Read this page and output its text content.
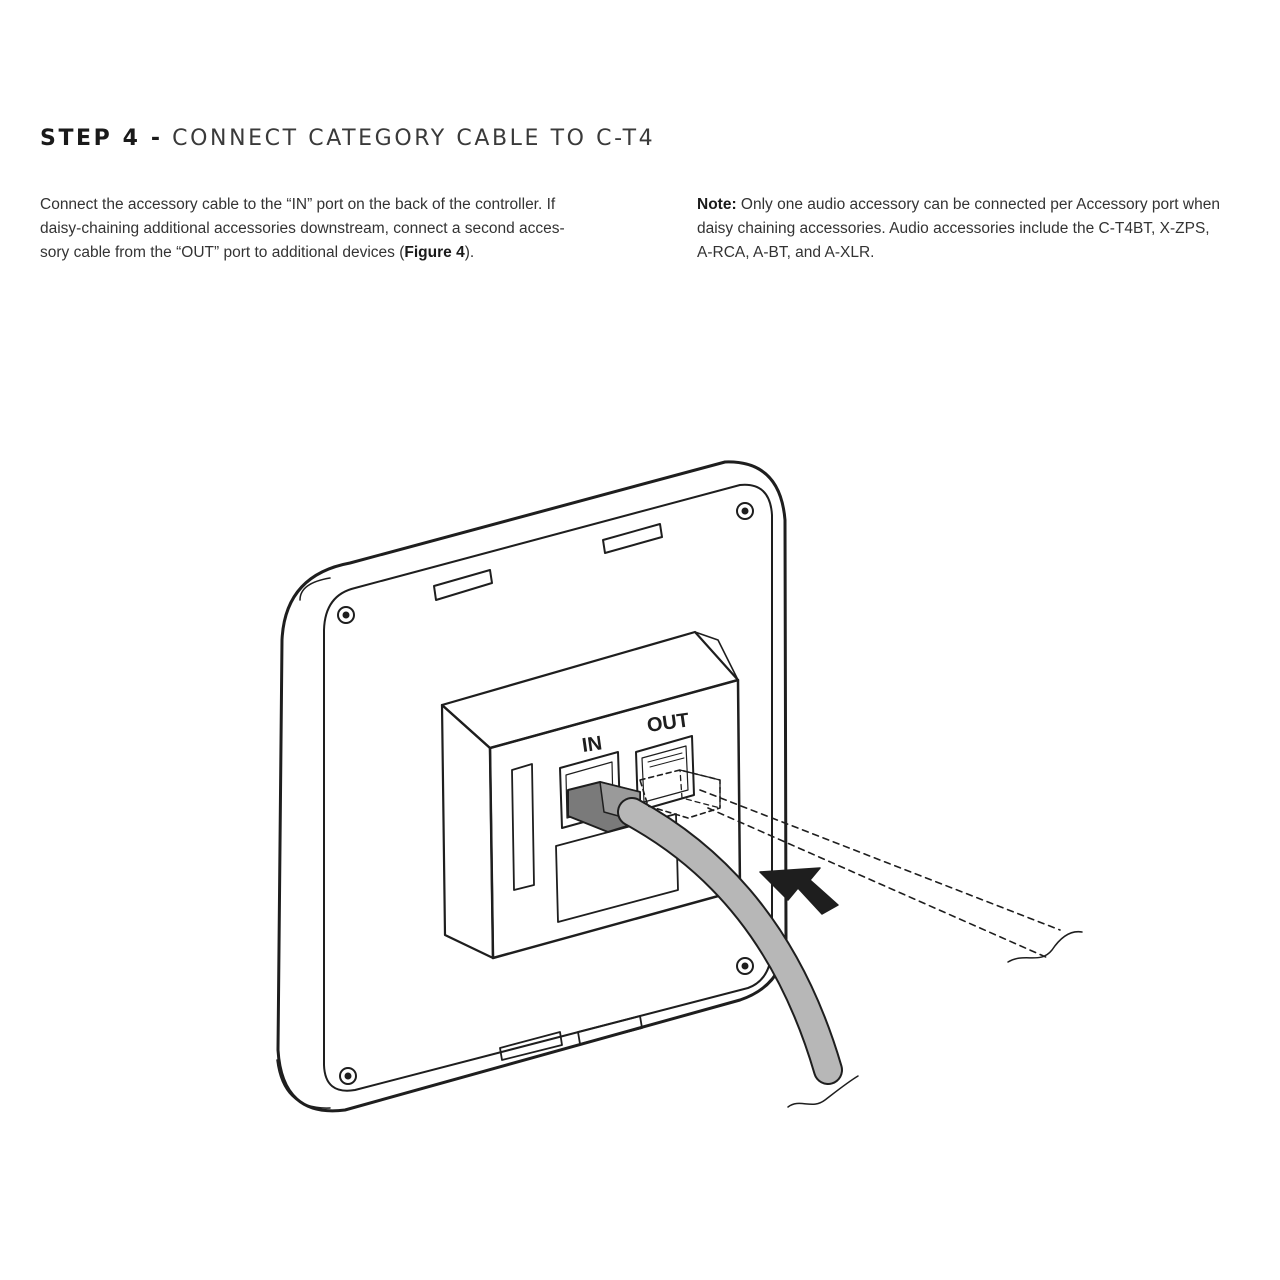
STEP 4 - CONNECT CATEGORY CABLE TO C-T4

Connect the accessory cable to the “IN” port on the back of the controller. If
daisy-chaining additional accessories downstream, connect a second acces-
sory cable from the “OUT” port to additional devices (Figure 4).

Note: Only one audio accessory can be connected per Accessory port when
daisy chaining accessories. Audio accessories include the C-T4BT, X-ZPS,
A-RCA, A-BT, and A-XLR.

IN
OUT
